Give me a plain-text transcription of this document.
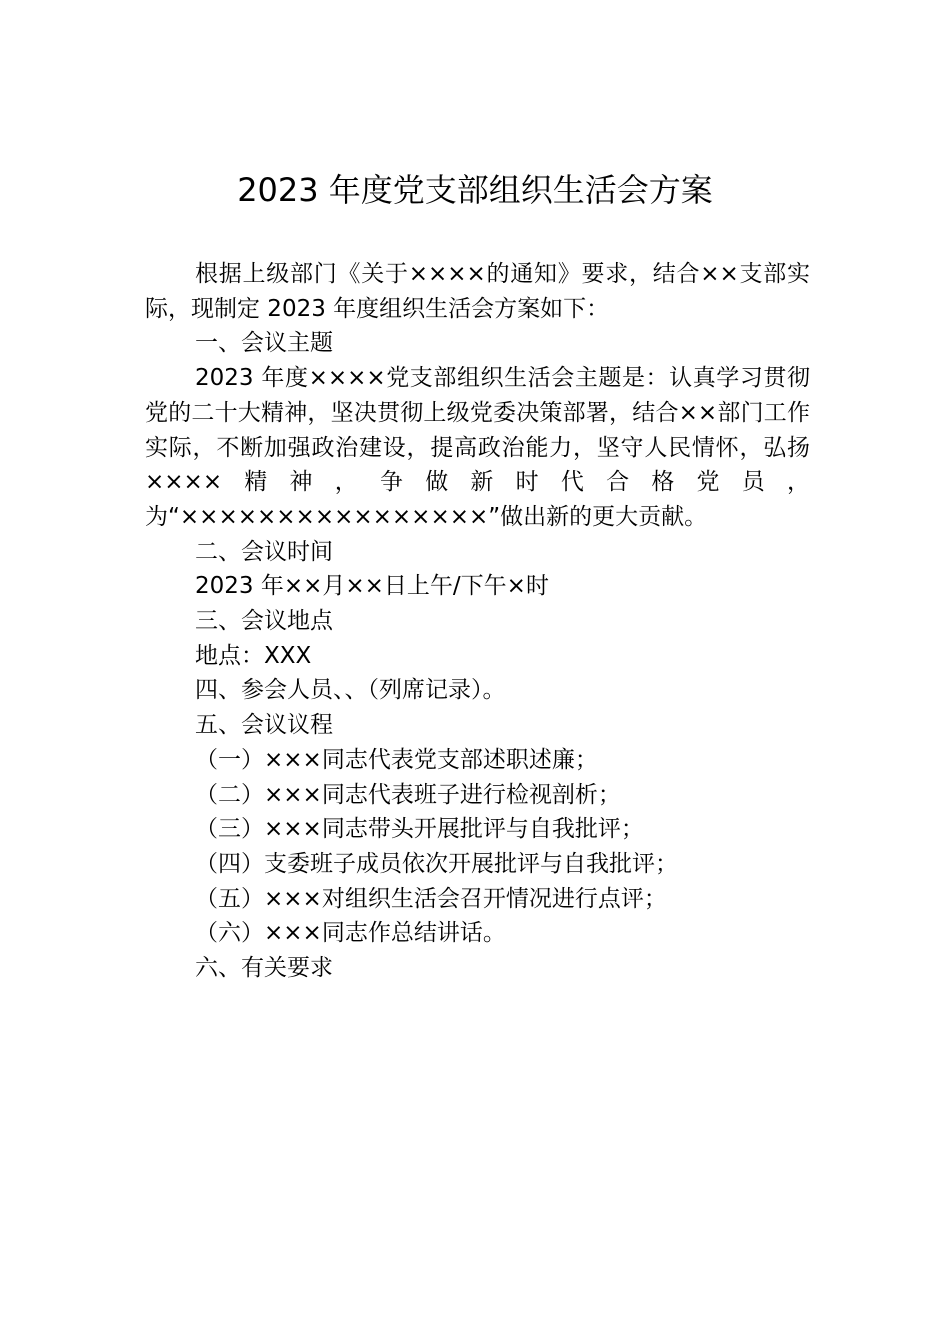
2023 年度党支部组织生活会方案

根据上级部门《关于××××的通知》要求，结合××支部实际，现制定 2023 年度组织生活会方案如下：

一、会议主题

2023 年度××××党支部组织生活会主题是：认真学习贯彻党的二十大精神，坚决贯彻上级党委决策部署，结合××部门工作实际，不断加强政治建设，提高政治能力，坚守人民情怀，弘扬××××精神，争做新时代合格党员，为“××××××××××××××××”做出新的更大贡献。

二、会议时间

2023 年××月××日上午/下午×时

三、会议地点

地点：XXX

四、参会人员、、（列席记录）。

五、会议议程

（一）×××同志代表党支部述职述廉；

（二）×××同志代表班子进行检视剖析；

（三）×××同志带头开展批评与自我批评；

（四）支委班子成员依次开展批评与自我批评；

（五）×××对组织生活会召开情况进行点评；

（六）×××同志作总结讲话。

六、有关要求
